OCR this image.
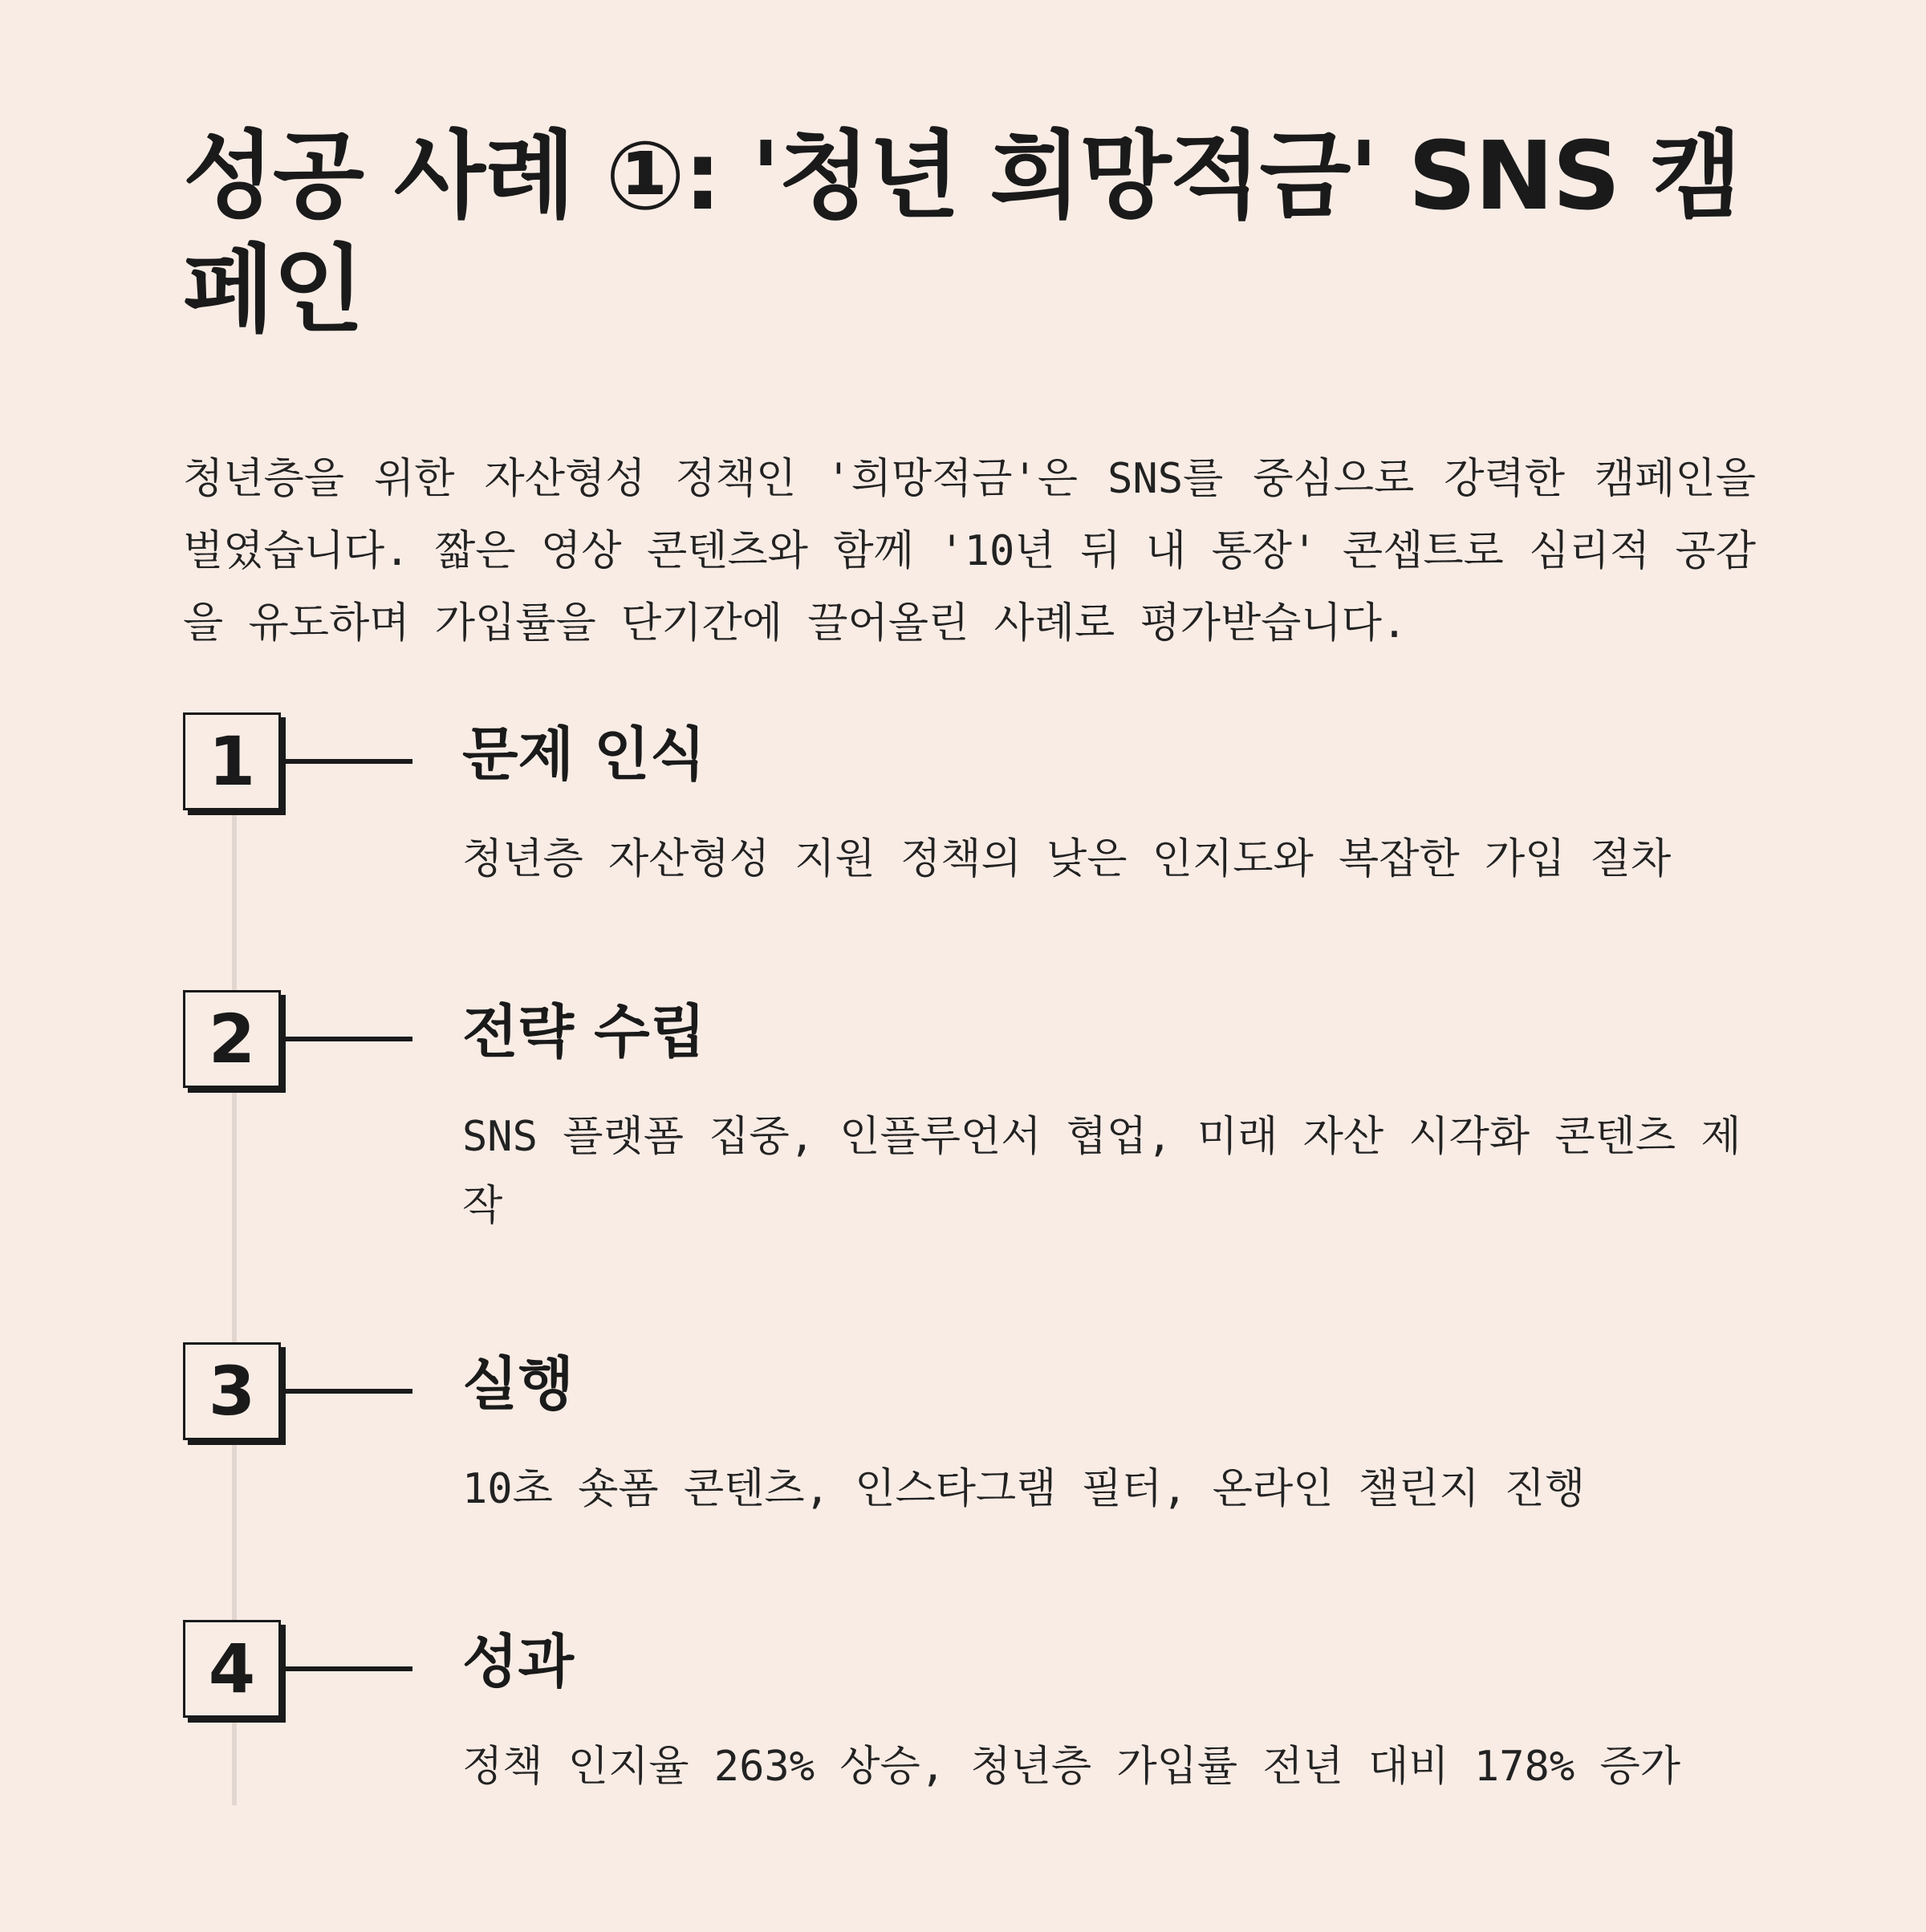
성공 사례 ①: '청년 희망적금' SNS 캠페인

청년층을 위한 자산형성 정책인 '희망적금'은 SNS를 중심으로 강력한 캠페인을 벌였습니다. 짧은 영상 콘텐츠와 함께 '10년 뒤 내 통장' 콘셉트로 심리적 공감을 유도하며 가입률을 단기간에 끌어올린 사례로 평가받습니다.

1	문제 인식

청년층 자산형성 지원 정책의 낮은 인지도와 복잡한 가입 절차

2	전략 수립

SNS 플랫폼 집중, 인플루언서 협업, 미래 자산 시각화 콘텐츠 제작

3	실행

10초 숏폼 콘텐츠, 인스타그램 필터, 온라인 챌린지 진행

4	성과

정책 인지율 263% 상승, 청년층 가입률 전년 대비 178% 증가
